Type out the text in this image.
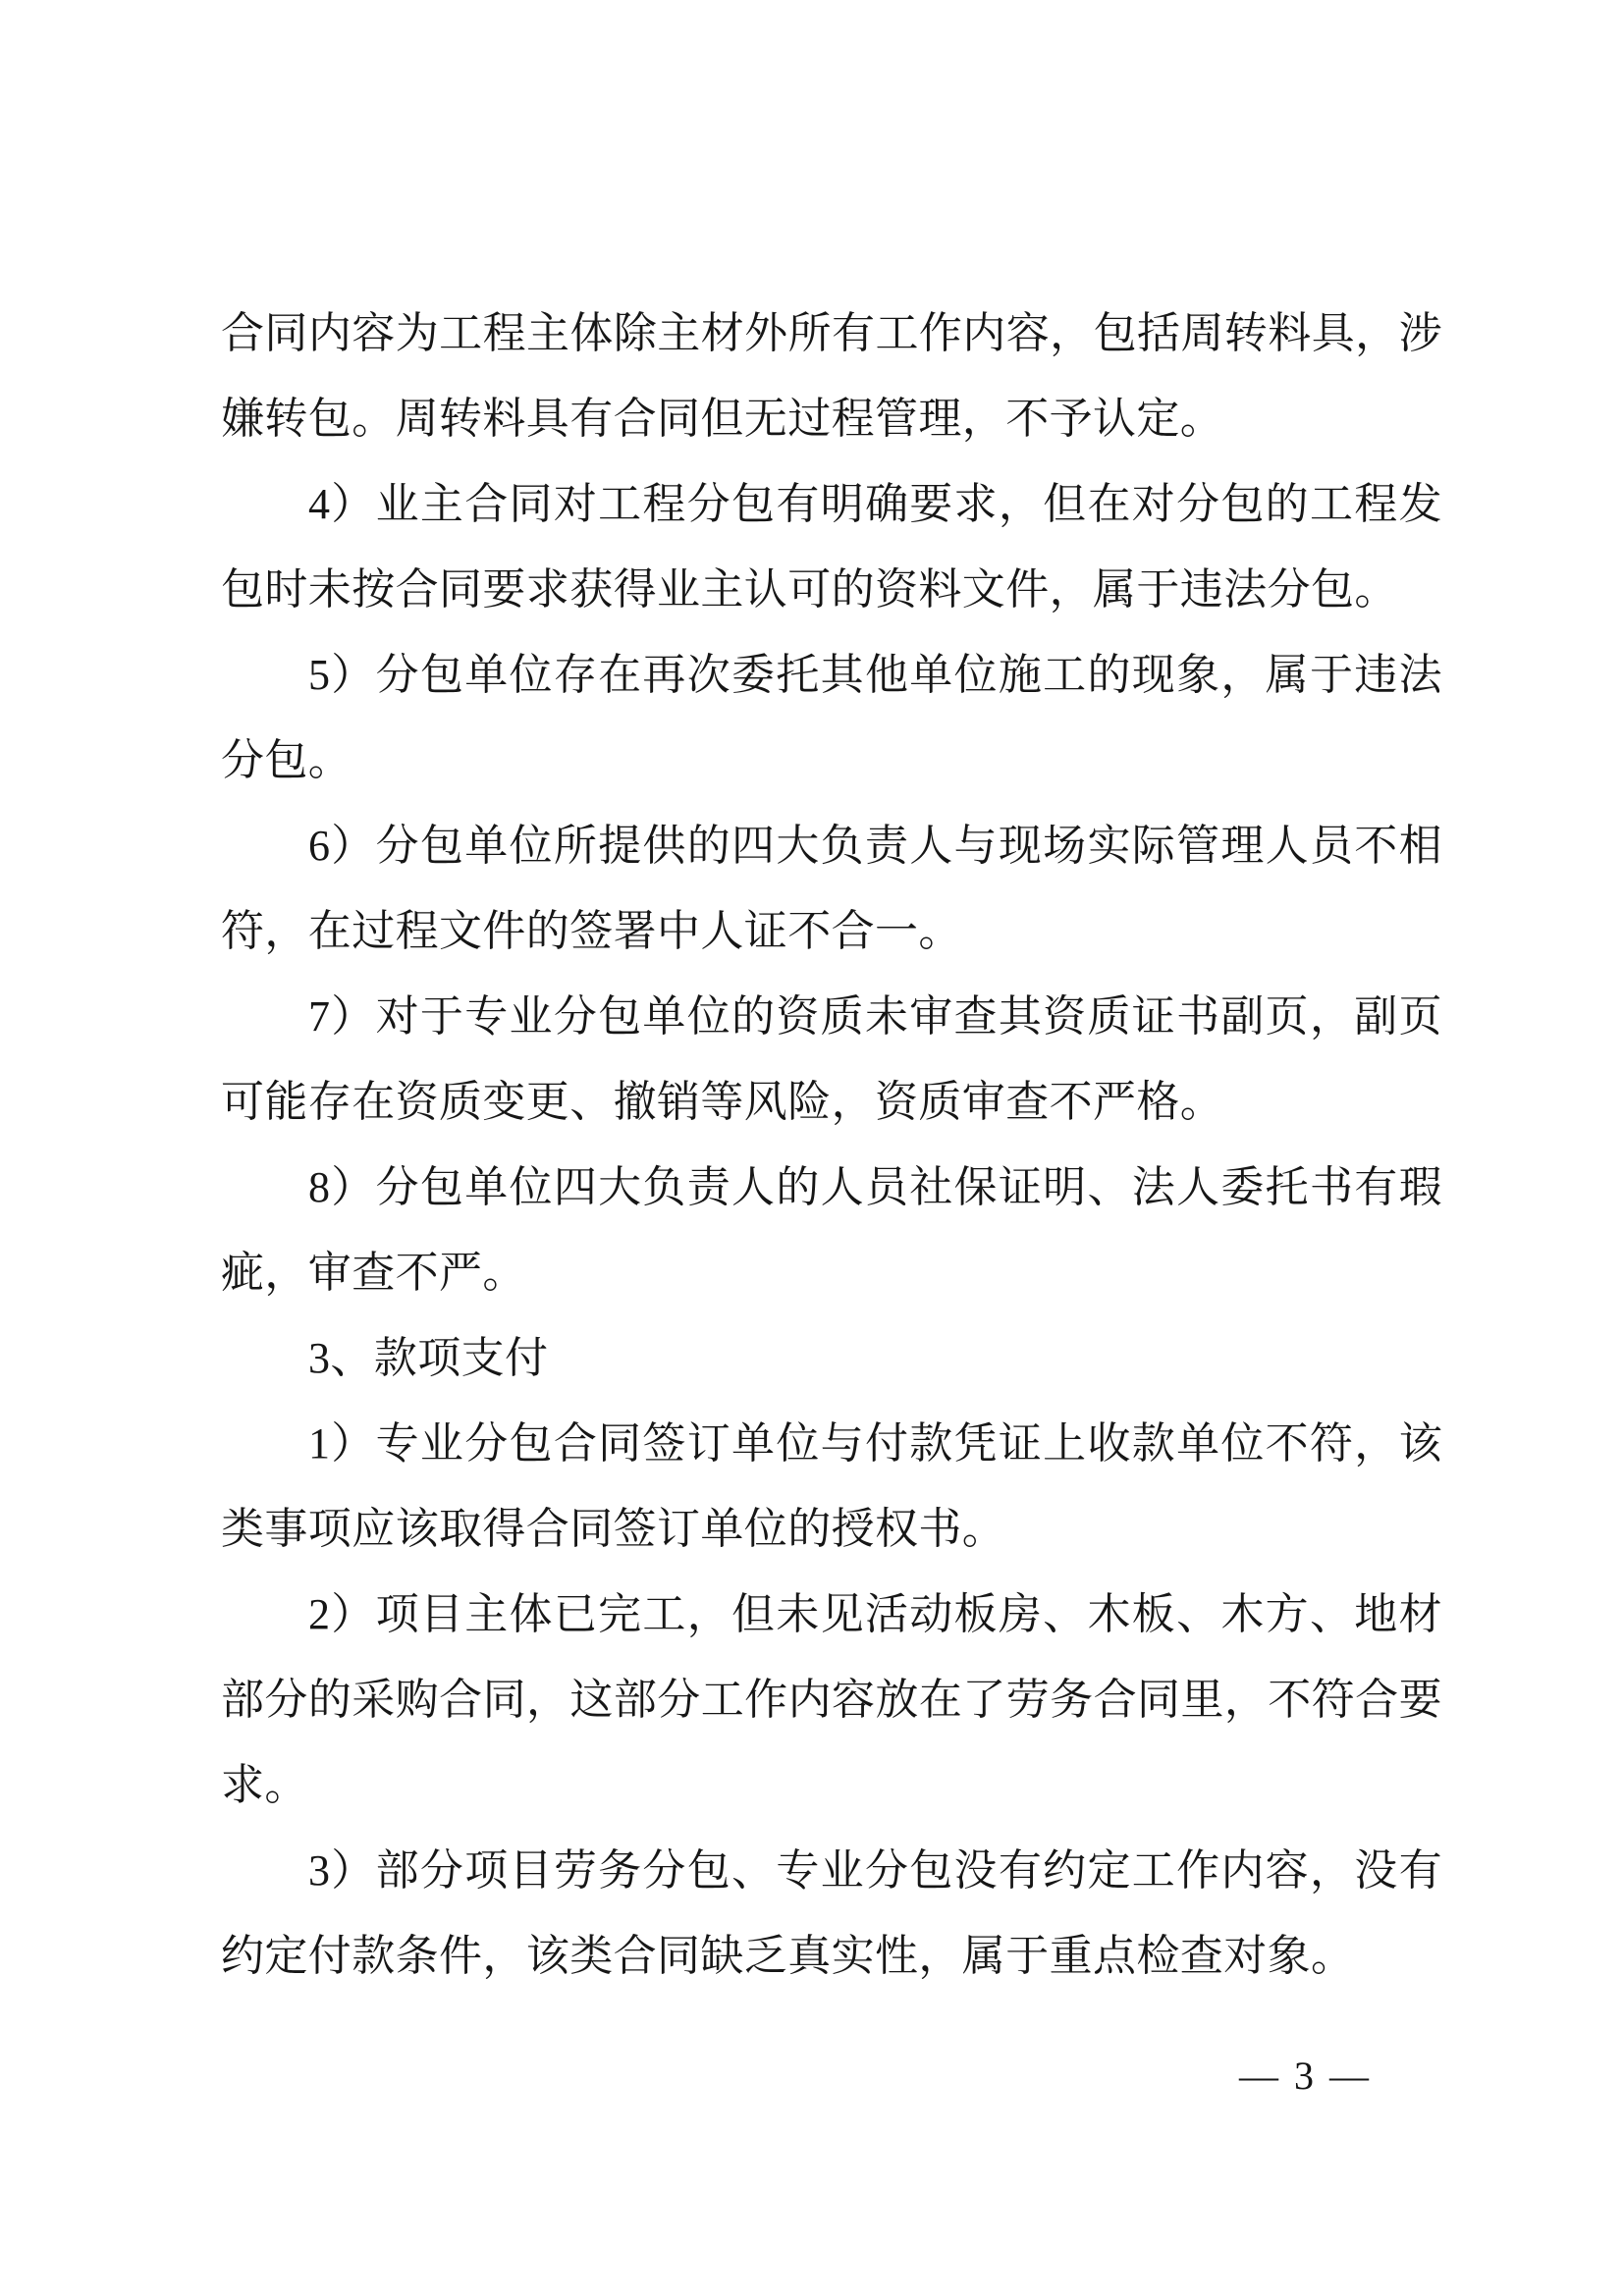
合同内容为工程主体除主材外所有工作内容，包括周转料具，涉
嫌转包。周转料具有合同但无过程管理，不予认定。
4）业主合同对工程分包有明确要求，但在对分包的工程发
包时未按合同要求获得业主认可的资料文件，属于违法分包。
5）分包单位存在再次委托其他单位施工的现象，属于违法
分包。
6）分包单位所提供的四大负责人与现场实际管理人员不相
符，在过程文件的签署中人证不合一。
7）对于专业分包单位的资质未审查其资质证书副页，副页
可能存在资质变更、撤销等风险，资质审查不严格。
8）分包单位四大负责人的人员社保证明、法人委托书有瑕
疵，审查不严。
3、款项支付
1）专业分包合同签订单位与付款凭证上收款单位不符，该
类事项应该取得合同签订单位的授权书。
2）项目主体已完工，但未见活动板房、木板、木方、地材
部分的采购合同，这部分工作内容放在了劳务合同里，不符合要
求。
3）部分项目劳务分包、专业分包没有约定工作内容，没有
约定付款条件，该类合同缺乏真实性，属于重点检查对象。
— 3 —
